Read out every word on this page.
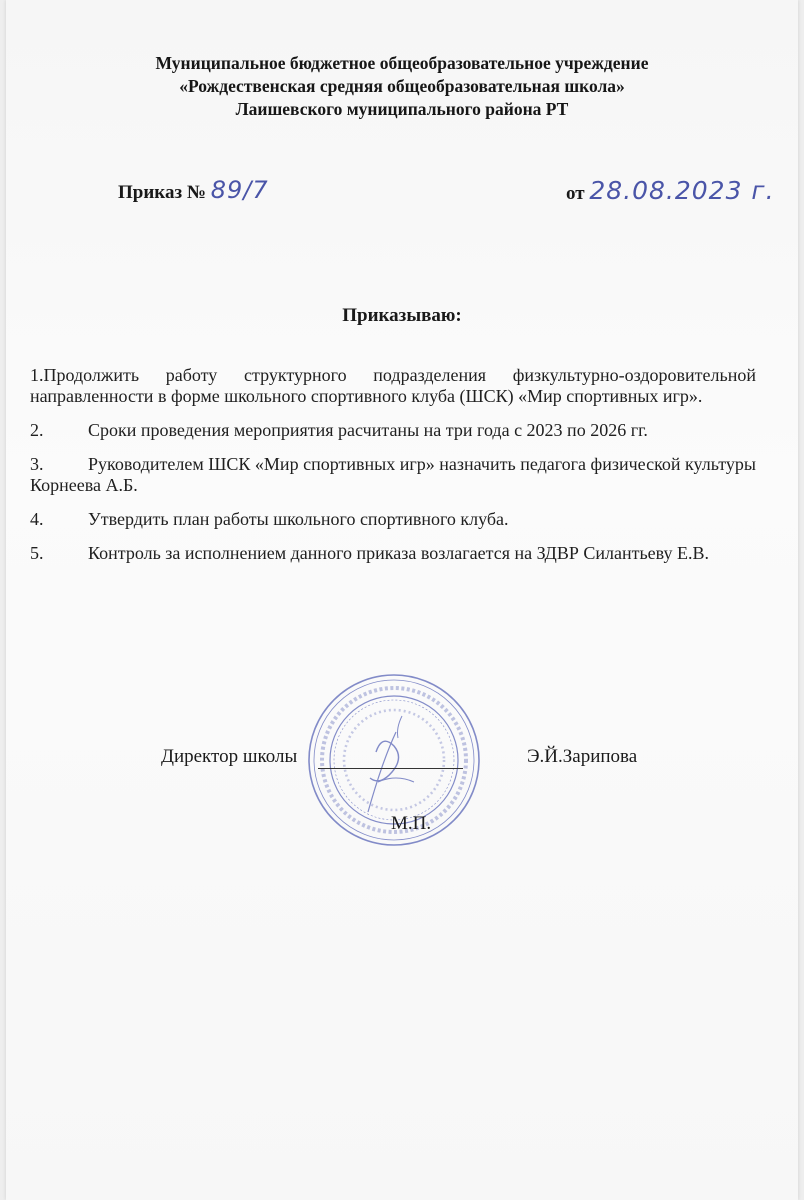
Муниципальное бюджетное общеобразовательное учреждение
«Рождественская средняя общеобразовательная школа»
Лаишевского муниципального района РТ
Приказ № 89/7	от 28.08.2023 г.
Приказываю:

1.Продолжить работу структурного подразделения физкультурно-оздоровительной направленности в форме школьного спортивного клуба (ШСК) «Мир спортивных игр».

2. Сроки проведения мероприятия расчитаны на три года с 2023 по 2026 гг.

3. Руководителем ШСК «Мир спортивных игр» назначить педагога физической культуры Корнеева А.Б.

4. Утвердить план работы школьного спортивного клуба.

5. Контроль за исполнением данного приказа возлагается на ЗДВР Силантьеву Е.В.

Директор школы	Э.Й.Зарипова
М.П.
